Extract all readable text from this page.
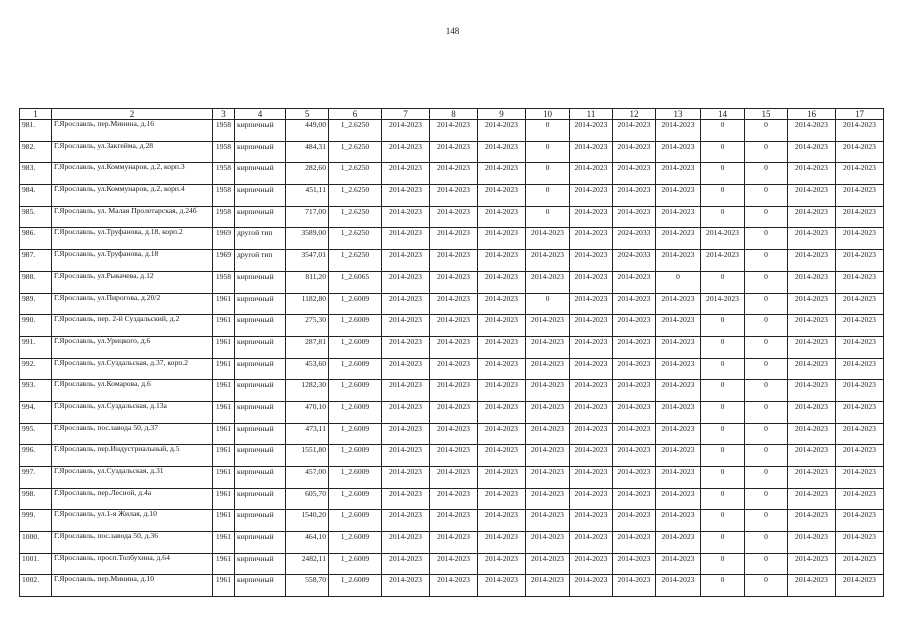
148
1	2	3	4	5	6	7	8	9	10	11	12	13	14	15	16	17
981.	Г.Ярославль, пер.Минина, д.16	1958	кирпичный	449,00	1_2.6250	2014-2023	2014-2023	2014-2023	0	2014-2023	2014-2023	2014-2023	0	0	2014-2023	2014-2023
982.	Г.Ярославль, ул.Закгейма, д.28	1958	кирпичный	484,31	1_2.6250	2014-2023	2014-2023	2014-2023	0	2014-2023	2014-2023	2014-2023	0	0	2014-2023	2014-2023
983.	Г.Ярославль, ул.Коммунаров, д.2, корп.3	1958	кирпичный	282,60	1_2.6250	2014-2023	2014-2023	2014-2023	0	2014-2023	2014-2023	2014-2023	0	0	2014-2023	2014-2023
984.	Г.Ярославль, ул.Коммунаров, д.2, корп.4	1958	кирпичный	451,11	1_2.6250	2014-2023	2014-2023	2014-2023	0	2014-2023	2014-2023	2014-2023	0	0	2014-2023	2014-2023
985.	Г.Ярославль, ул. Малая Пролетарская, д.24б	1958	кирпичный	717,00	1_2.6250	2014-2023	2014-2023	2014-2023	0	2014-2023	2014-2023	2014-2023	0	0	2014-2023	2014-2023
986.	Г.Ярославль, ул.Труфанова, д.18, корп.2	1969	другой тип	3589,00	1_2.6250	2014-2023	2014-2023	2014-2023	2014-2023	2014-2023	2024-2033	2014-2023	2014-2023	0	2014-2023	2014-2023
987.	Г.Ярославль, ул.Труфанова, д.18	1969	другой тип	3547,01	1_2.6250	2014-2023	2014-2023	2014-2023	2014-2023	2014-2023	2024-2033	2014-2023	2014-2023	0	2014-2023	2014-2023
988.	Г.Ярославль, ул.Рыкачева, д.12	1958	кирпичный	811,20	1_2.6065	2014-2023	2014-2023	2014-2023	2014-2023	2014-2023	2014-2023	0	0	0	2014-2023	2014-2023
989.	Г.Ярославль, ул.Пирогова, д.20/2	1961	кирпичный	1182,80	1_2.6009	2014-2023	2014-2023	2014-2023	0	2014-2023	2014-2023	2014-2023	2014-2023	0	2014-2023	2014-2023
990.	Г.Ярославль, пер. 2-й Суздальский, д.2	1961	кирпичный	275,30	1_2.6009	2014-2023	2014-2023	2014-2023	2014-2023	2014-2023	2014-2023	2014-2023	0	0	2014-2023	2014-2023
991.	Г.Ярославль, ул.Урицкого, д.6	1961	кирпичный	287,81	1_2.6009	2014-2023	2014-2023	2014-2023	2014-2023	2014-2023	2014-2023	2014-2023	0	0	2014-2023	2014-2023
992.	Г.Ярославль, ул.Суздальская, д.37, корп.2	1961	кирпичный	453,60	1_2.6009	2014-2023	2014-2023	2014-2023	2014-2023	2014-2023	2014-2023	2014-2023	0	0	2014-2023	2014-2023
993.	Г.Ярославль, ул.Комарова, д.6	1961	кирпичный	1282,30	1_2.6009	2014-2023	2014-2023	2014-2023	2014-2023	2014-2023	2014-2023	2014-2023	0	0	2014-2023	2014-2023
994.	Г.Ярославль, ул.Суздальская, д.13а	1961	кирпичный	470,10	1_2.6009	2014-2023	2014-2023	2014-2023	2014-2023	2014-2023	2014-2023	2014-2023	0	0	2014-2023	2014-2023
995.	Г.Ярославль, пос.завода 50, д.37	1961	кирпичный	473,11	1_2.6009	2014-2023	2014-2023	2014-2023	2014-2023	2014-2023	2014-2023	2014-2023	0	0	2014-2023	2014-2023
996.	Г.Ярославль, пер.Индустриальный, д.5	1961	кирпичный	1551,80	1_2.6009	2014-2023	2014-2023	2014-2023	2014-2023	2014-2023	2014-2023	2014-2023	0	0	2014-2023	2014-2023
997.	Г.Ярославль, ул.Суздальская, д.31	1961	кирпичный	457,00	1_2.6009	2014-2023	2014-2023	2014-2023	2014-2023	2014-2023	2014-2023	2014-2023	0	0	2014-2023	2014-2023
998.	Г.Ярославль, пер.Лесной, д.4а	1961	кирпичный	605,70	1_2.6009	2014-2023	2014-2023	2014-2023	2014-2023	2014-2023	2014-2023	2014-2023	0	0	2014-2023	2014-2023
999.	Г.Ярославль, ул.1-я Жилая, д.10	1961	кирпичный	1540,20	1_2.6009	2014-2023	2014-2023	2014-2023	2014-2023	2014-2023	2014-2023	2014-2023	0	0	2014-2023	2014-2023
1000.	Г.Ярославль, пос.завода 50, д.36	1961	кирпичный	464,10	1_2.6009	2014-2023	2014-2023	2014-2023	2014-2023	2014-2023	2014-2023	2014-2023	0	0	2014-2023	2014-2023
1001.	Г.Ярославль, просп.Толбухина, д.64	1961	кирпичный	2482,11	1_2.6009	2014-2023	2014-2023	2014-2023	2014-2023	2014-2023	2014-2023	2014-2023	0	0	2014-2023	2014-2023
1002.	Г.Ярославль, пер.Минина, д.10	1961	кирпичный	558,70	1_2.6009	2014-2023	2014-2023	2014-2023	2014-2023	2014-2023	2014-2023	2014-2023	0	0	2014-2023	2014-2023
